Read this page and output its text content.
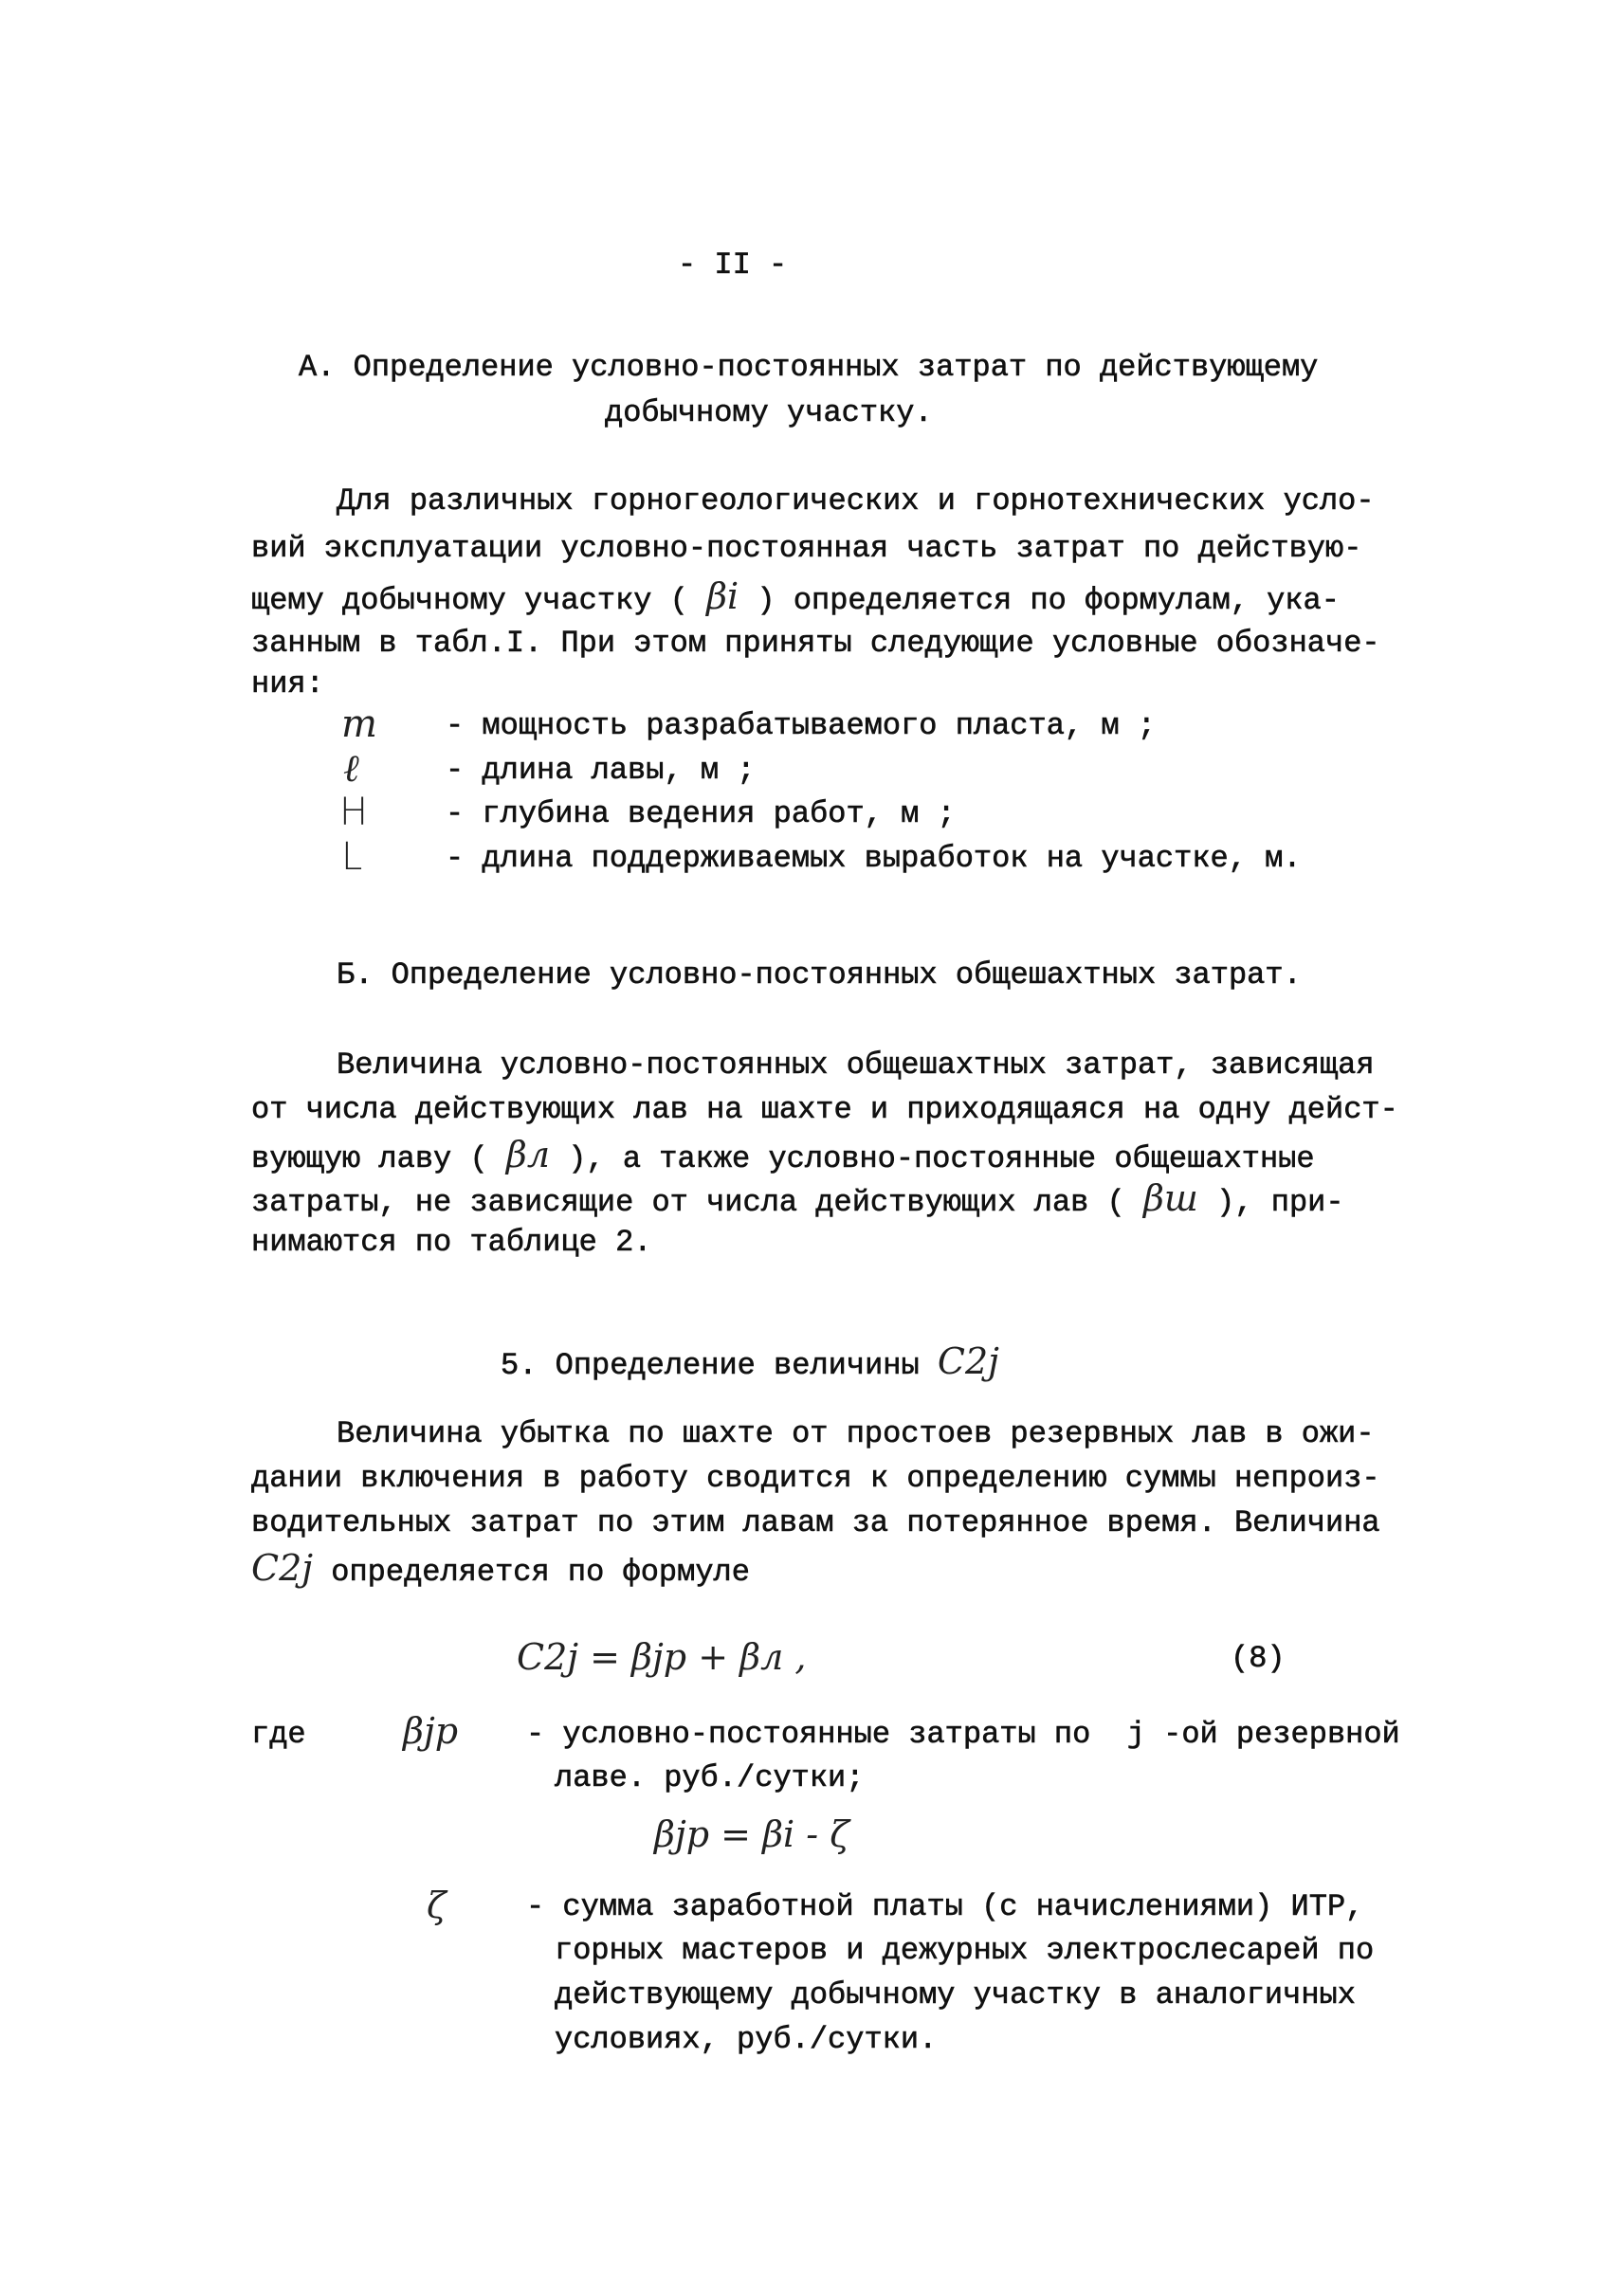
- II -
А. Определение условно-постоянных затрат по действующему
добычному участку.
Для различных горногеологических и горнотехнических усло-
вий эксплуатации условно-постоянная часть затрат по действую-
щему добычному участку ( βi ) определяется по формулам, ука-
занным в табл.I. При этом приняты следующие условные обозначе-
ния:
m - мощность разрабатываемого пласта, м ;
ℓ	- длина лавы, м ;
H	- глубина ведения работ, м ;
L	- длина поддерживаемых выработок на участке, м.
Б. Определение условно-постоянных общешахтных затрат.
Величина условно-постоянных общешахтных затрат, зависящая
от числа действующих лав на шахте и приходящаяся на одну дейст-
вующую лаву ( βл ), а также условно-постоянные общешахтные
затраты, не зависящие от числа действующих лав ( βш ), при-
нимаются по таблице 2.
5. Определение величины C2j
Величина убытка по шахте от простоев резервных лав в ожи-
дании включения в работу сводится к определению суммы непроиз-
водительных затрат по этим лавам за потерянное время. Величина
C2j определяется по формуле
C2j = βjp + βл ,	(8)
где	βjp - условно-постоянные затраты по  j -ой резервной
лаве. руб./сутки;
βjp = βi - ζ
ζ	- сумма заработной платы (с начислениями) ИТР,
горных мастеров и дежурных электрослесарей по
действующему добычному участку в аналогичных
условиях, руб./сутки.
